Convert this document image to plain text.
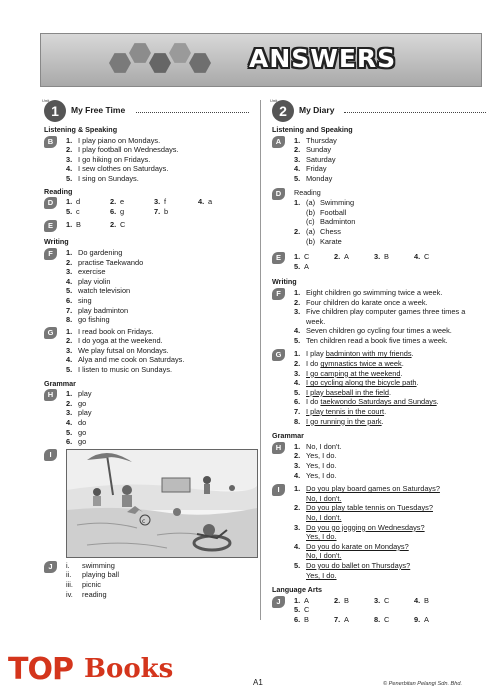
ANSWERS
1
Unit
My Free Time
Listening & Speaking
B	1. I play piano on Mondays.
2. I play football on Wednesdays.
3. I go hiking on Fridays.
4. I sew clothes on Saturdays.
5. I sing on Sundays.
Reading
D	1. d	2. e	3. f	4. a
5. c	6. g	7. b
E	1. B	2. C
Writing
F	1. Do gardening
2. practise Taekwando
3. exercise
4. play violin
5. watch television
6. sing
7. play badminton
8. go fishing
G	1. I read book on Fridays.
2. I do yoga at the weekend.
3. We play futsal on Mondays.
4. Alya and me cook on Saturdays.
5. I listen to music on Sundays.
Grammar
H	1. play
2. go
3. play
4. do
5. go
6. go
I
c
J	i.	swimming
ii.	playing ball
iii.	picnic
iv.	reading
2
Unit
My Diary
Listening and Speaking
A	1. Thursday
2. Sunday
3. Saturday
4. Friday
5. Monday
D	Reading
1. (a) Swimming
(b) Football
(c) Badminton
2. (a) Chess
(b) Karate
E	1. C	2. A	3. B	4. C
5. A
Writing
F	1. Eight children go swimming twice a week.
2. Four children do karate once a week.
3. Five children play computer games three times a week.
4. Seven children go cycling four times a week.
5. Ten children read a book five times a week.
G	1. I play badminton with my friends.
2. I do gymnastics twice a week.
3. I go camping at the weekend.
4. I go cycling along the bicycle path.
5. I play baseball in the field.
6. I do taekwondo Saturdays and Sundays.
7. I play tennis in the court.
8. I go running in the park.
Grammar
H	1. No, I don't.
2. Yes, I do.
3. Yes, I do.
4. Yes, I do.
I	1. Do you play board games on Saturdays?
No, I don't.
2. Do you play table tennis on Tuesdays?
No, I don't.
3. Do you go jogging on Wednesdays?
Yes, I do.
4. Do you do karate on Mondays?
No, I don't.
5. Do you do ballet on Thursdays?
Yes, I do.
Language Arts
J	1. A	2. B	3. C	4. B
5. C
6. B	7. A	8. C	9. A
A1	© Penerbitan Pelangi Sdn. Bhd.
TOP Books
